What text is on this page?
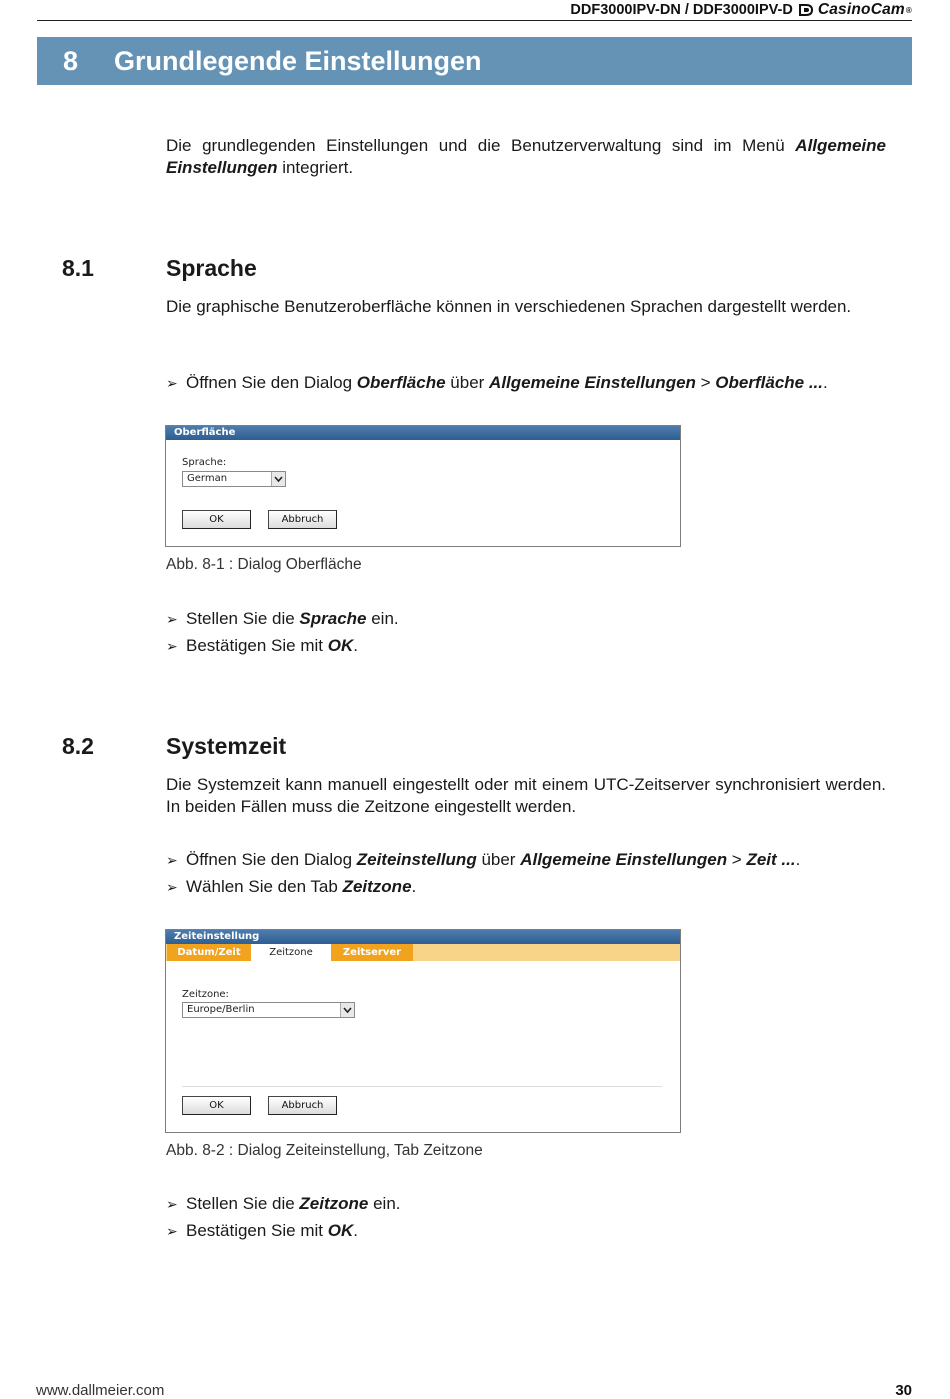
DDF3000IPV-DN / DDF3000IPV-D CasinoCam ®
8 Grundlegende Einstellungen
Die grundlegenden Einstellungen und die Benutzerverwaltung sind im Menü Allgemeine Einstellungen integriert.
8.1	Sprache
Die graphische Benutzeroberfläche können in verschiedenen Sprachen dargestellt werden.
➢ Öffnen Sie den Dialog Oberfläche über Allgemeine Einstellungen > Oberfläche ....
Oberfläche
Sprache:
German
OK	Abbruch
Abb. 8-1 : Dialog Oberfläche
➢ Stellen Sie die Sprache ein.
➢ Bestätigen Sie mit OK.
8.2	Systemzeit
Die Systemzeit kann manuell eingestellt oder mit einem UTC-Zeitserver synchronisiert werden. In beiden Fällen muss die Zeitzone eingestellt werden.
➢ Öffnen Sie den Dialog Zeiteinstellung über Allgemeine Einstellungen > Zeit ....
➢ Wählen Sie den Tab Zeitzone.
Zeiteinstellung
Datum/Zeit	Zeitzone	Zeitserver
Zeitzone:
Europe/Berlin
OK	Abbruch
Abb. 8-2 : Dialog Zeiteinstellung, Tab Zeitzone
➢ Stellen Sie die Zeitzone ein.
➢ Bestätigen Sie mit OK.
www.dallmeier.com	30
